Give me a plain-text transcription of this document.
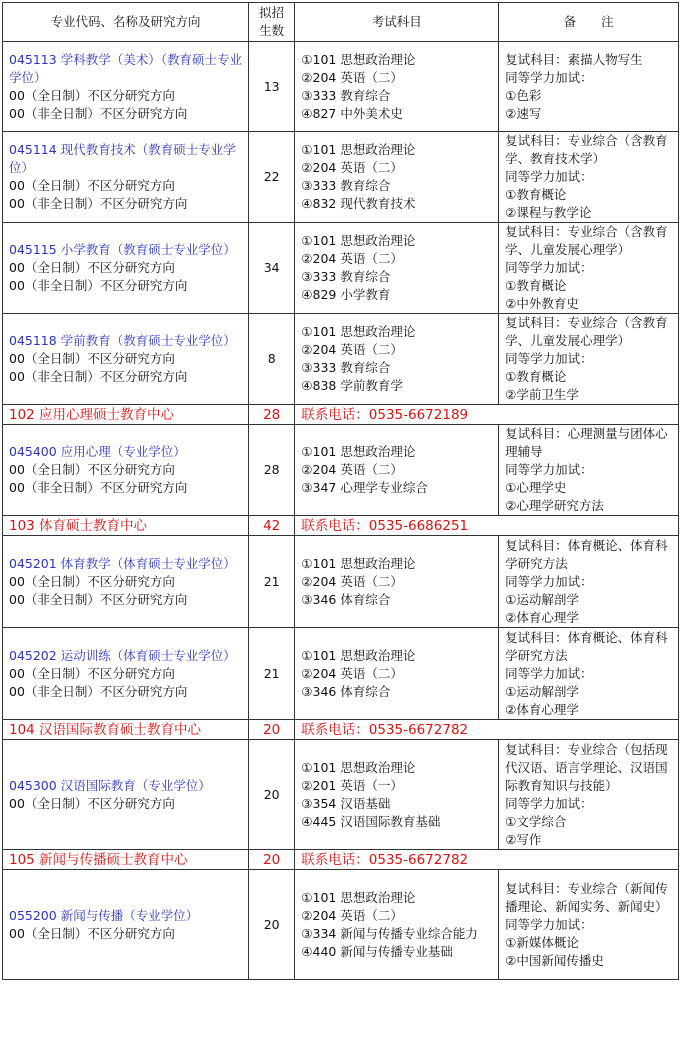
专业代码、名称及研究方向	拟招
生数	考试科目	备　　注

045113 学科教学（美术）（教育硕士专业学位）
00（全日制）不区分研究方向
00（非全日制）不区分研究方向	13	①101 思想政治理论
②204 英语（二）
③333 教育综合
④827 中外美术史	复试科目：素描人物写生
同等学力加试：
①色彩
②速写

045114 现代教育技术（教育硕士专业学位）
00（全日制）不区分研究方向
00（非全日制）不区分研究方向	22	①101 思想政治理论
②204 英语（二）
③333 教育综合
④832 现代教育技术	复试科目：专业综合（含教育学、教育技术学）
同等学力加试：
①教育概论
②课程与教学论

045115 小学教育（教育硕士专业学位）
00（全日制）不区分研究方向
00（非全日制）不区分研究方向	34	①101 思想政治理论
②204 英语（二）
③333 教育综合
④829 小学教育	复试科目：专业综合（含教育学、儿童发展心理学）
同等学力加试：
①教育概论
②中外教育史

045118 学前教育（教育硕士专业学位）
00（全日制）不区分研究方向
00（非全日制）不区分研究方向	8	①101 思想政治理论
②204 英语（二）
③333 教育综合
④838 学前教育学	复试科目：专业综合（含教育学、儿童发展心理学）
同等学力加试：
①教育概论
②学前卫生学

102 应用心理硕士教育中心	28	联系电话：0535-6672189	

045400 应用心理（专业学位）
00（全日制）不区分研究方向
00（非全日制）不区分研究方向	28	①101 思想政治理论
②204 英语（二）
③347 心理学专业综合	复试科目：心理测量与团体心理辅导
同等学力加试：
①心理学史
②心理学研究方法

103 体育硕士教育中心	42	联系电话：0535-6686251	

045201 体育教学（体育硕士专业学位）
00（全日制）不区分研究方向
00（非全日制）不区分研究方向	21	①101 思想政治理论
②204 英语（二）
③346 体育综合	复试科目：体育概论、体育科学研究方法
同等学力加试：
①运动解剖学
②体育心理学

045202 运动训练（体育硕士专业学位）
00（全日制）不区分研究方向
00（非全日制）不区分研究方向	21	①101 思想政治理论
②204 英语（二）
③346 体育综合	复试科目：体育概论、体育科学研究方法
同等学力加试：
①运动解剖学
②体育心理学

104 汉语国际教育硕士教育中心	20	联系电话：0535-6672782	

045300 汉语国际教育（专业学位）
00（全日制）不区分研究方向	20	①101 思想政治理论
②201 英语（一）
③354 汉语基础
④445 汉语国际教育基础	复试科目：专业综合（包括现代汉语、语言学理论、汉语国际教育知识与技能）
同等学力加试：
①文学综合
②写作

105 新闻与传播硕士教育中心	20	联系电话：0535-6672782	

055200 新闻与传播（专业学位）
00（全日制）不区分研究方向	20	①101 思想政治理论
②204 英语（二）
③334 新闻与传播专业综合能力
④440 新闻与传播专业基础	复试科目：专业综合（新闻传播理论、新闻实务、新闻史）
同等学力加试：
①新媒体概论
②中国新闻传播史
